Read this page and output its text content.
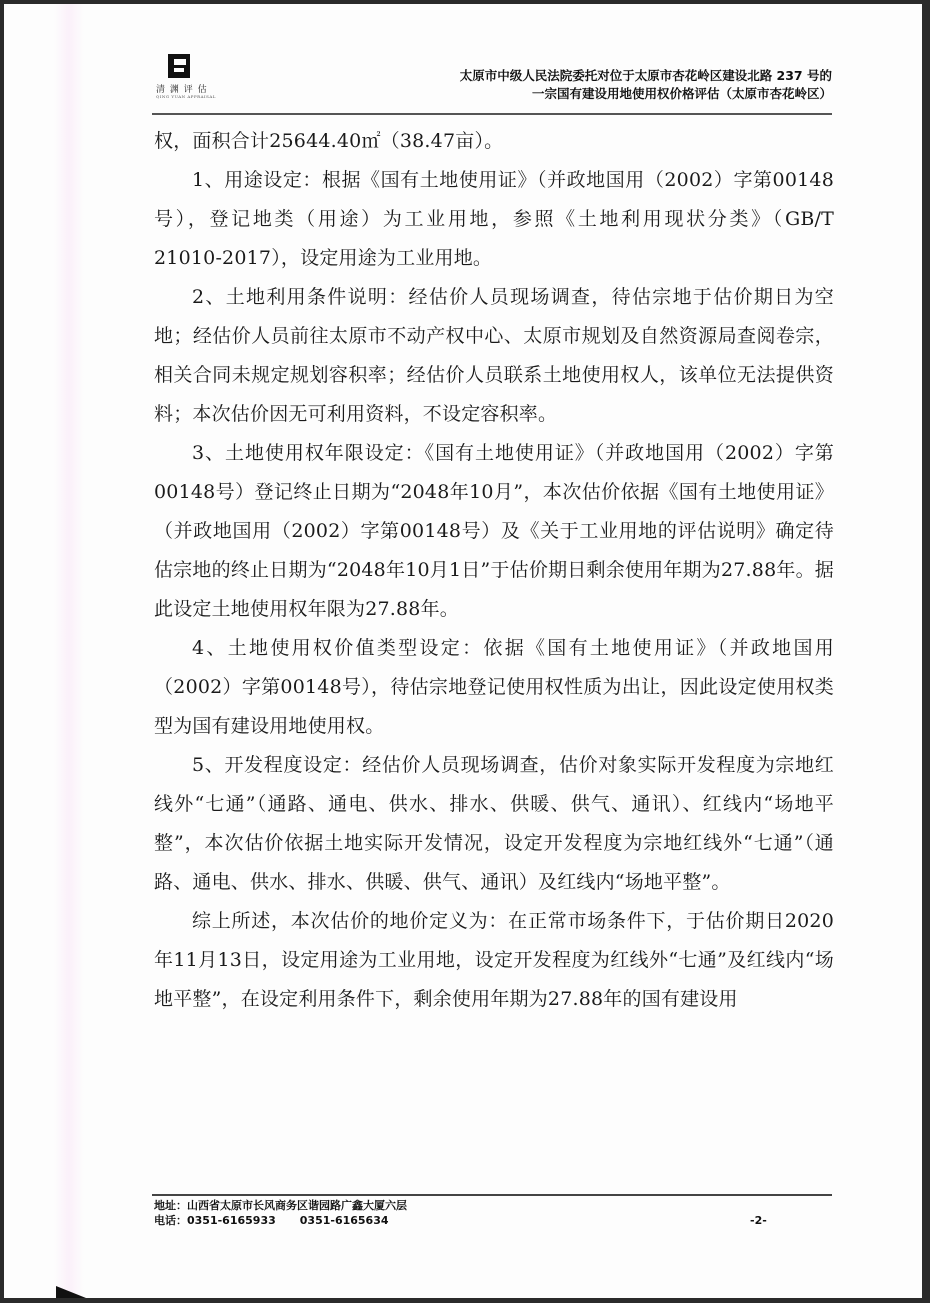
清 渊 评 估
QING YUAN APPRAISAL
太原市中级人民法院委托对位于太原市杏花岭区建设北路 237 号的
一宗国有建设用地使用权价格评估（太原市杏花岭区）

权，面积合计25644.40㎡（38.47亩）。

1、用途设定：根据《国有土地使用证》（并政地国用（2002）字第00148号），登记地类（用途）为工业用地，参照《土地利用现状分类》（GB/T 21010-2017），设定用途为工业用地。

2、土地利用条件说明：经估价人员现场调查，待估宗地于估价期日为空地；经估价人员前往太原市不动产权中心、太原市规划及自然资源局查阅卷宗，相关合同未规定规划容积率；经估价人员联系土地使用权人，该单位无法提供资料；本次估价因无可利用资料，不设定容积率。

3、土地使用权年限设定：《国有土地使用证》（并政地国用（2002）字第00148号）登记终止日期为“2048年10月”，本次估价依据《国有土地使用证》（并政地国用（2002）字第00148号）及《关于工业用地的评估说明》确定待估宗地的终止日期为“2048年10月1日”于估价期日剩余使用年期为27.88年。据此设定土地使用权年限为27.88年。

4、土地使用权价值类型设定：依据《国有土地使用证》（并政地国用（2002）字第00148号），待估宗地登记使用权性质为出让，因此设定使用权类型为国有建设用地使用权。

5、开发程度设定：经估价人员现场调查，估价对象实际开发程度为宗地红线外“七通”（通路、通电、供水、排水、供暖、供气、通讯）、红线内“场地平整”，本次估价依据土地实际开发情况，设定开发程度为宗地红线外“七通”（通路、通电、供水、排水、供暖、供气、通讯）及红线内“场地平整”。

综上所述，本次估价的地价定义为：在正常市场条件下，于估价期日2020年11月13日，设定用途为工业用地，设定开发程度为红线外“七通”及红线内“场地平整”，在设定利用条件下，剩余使用年期为27.88年的国有建设用

地址：山西省太原市长风商务区谐园路广鑫大厦六层
电话：0351-6165933 0351-6165634	-2-
